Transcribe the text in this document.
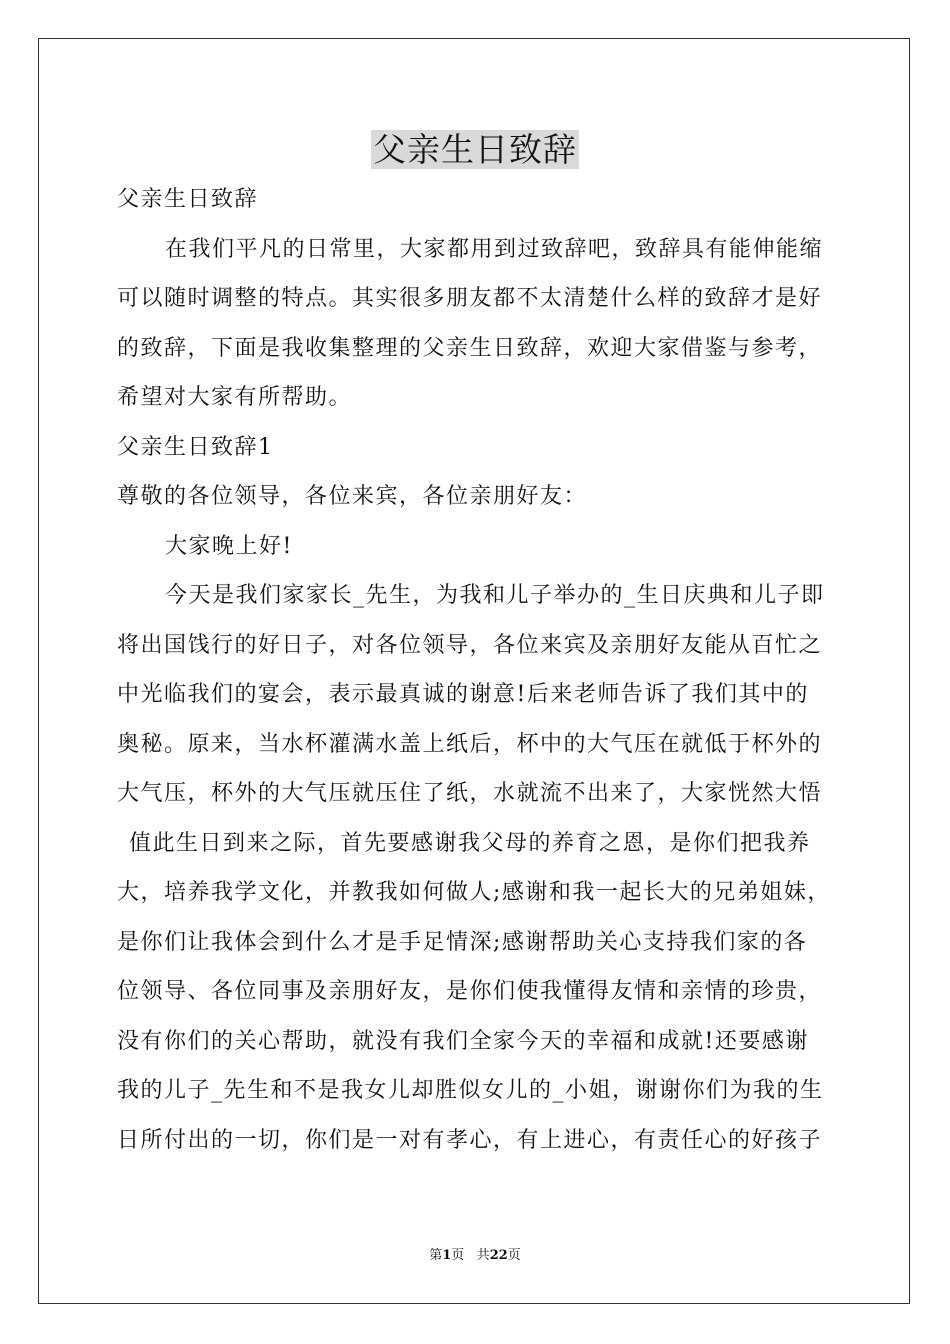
父亲生日致辞
父亲生日致辞
在我们平凡的日常里，大家都用到过致辞吧，致辞具有能伸能缩
可以随时调整的特点。其实很多朋友都不太清楚什么样的致辞才是好
的致辞，下面是我收集整理的父亲生日致辞，欢迎大家借鉴与参考，
希望对大家有所帮助。
父亲生日致辞1
尊敬的各位领导，各位来宾，各位亲朋好友：
大家晚上好!
今天是我们家家长_先生，为我和儿子举办的_生日庆典和儿子即
将出国饯行的好日子，对各位领导，各位来宾及亲朋好友能从百忙之
中光临我们的宴会，表示最真诚的谢意!后来老师告诉了我们其中的
奥秘。原来，当水杯灌满水盖上纸后，杯中的大气压在就低于杯外的
大气压，杯外的大气压就压住了纸，水就流不出来了，大家恍然大悟
值此生日到来之际，首先要感谢我父母的养育之恩，是你们把我养
大，培养我学文化，并教我如何做人;感谢和我一起长大的兄弟姐妹，
是你们让我体会到什么才是手足情深;感谢帮助关心支持我们家的各
位领导、各位同事及亲朋好友，是你们使我懂得友情和亲情的珍贵，
没有你们的关心帮助，就没有我们全家今天的幸福和成就!还要感谢
我的儿子_先生和不是我女儿却胜似女儿的_小姐，谢谢你们为我的生
日所付出的一切，你们是一对有孝心，有上进心，有责任心的好孩子
第1页 共22页
